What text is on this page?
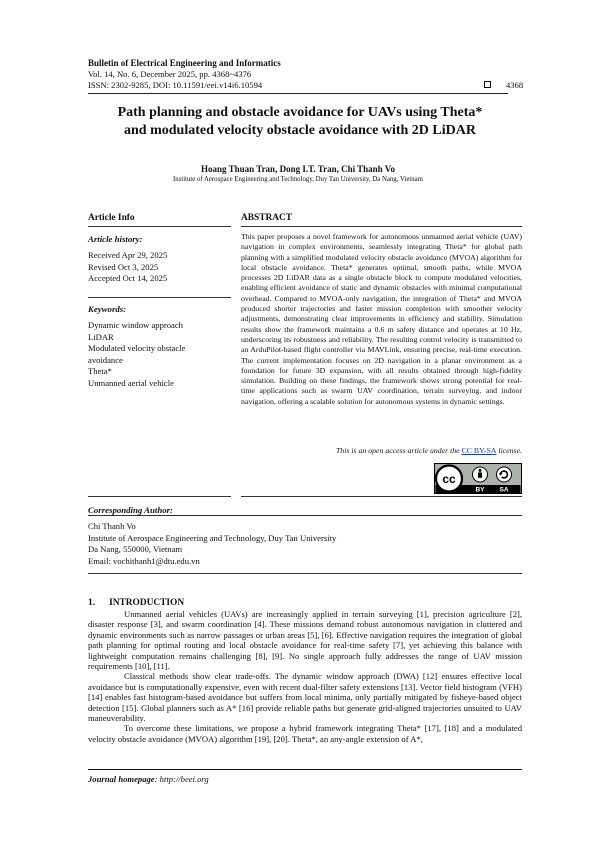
Bulletin of Electrical Engineering and Informatics
Vol. 14, No. 6, December 2025, pp. 4368~4376
ISSN: 2302-9285, DOI: 10.11591/eei.v14i6.10594	4368
Path planning and obstacle avoidance for UAVs using Theta*
and modulated velocity obstacle avoidance with 2D LiDAR
Hoang Thuan Tran, Dong I.T. Tran, Chi Thanh Vo
Institute of Aerospace Engineering and Technology, Duy Tan University, Da Nang, Vietnam
Article Info	ABSTRACT
Article history:
Received Apr 29, 2025
Revised Oct 3, 2025
Accepted Oct 14, 2025
Keywords:
Dynamic window approach
LiDAR
Modulated velocity obstacle
avoidance
Theta*
Unmanned aerial vehicle
This paper proposes a novel framework for autonomous unmanned aerial vehicle (UAV) navigation in complex environments, seamlessly integrating Theta* for global path planning with a simplified modulated velocity obstacle avoidance (MVOA) algorithm for local obstacle avoidance. Theta* generates optimal, smooth paths, while MVOA processes 2D LiDAR data as a single obstacle block to compute modulated velocities, enabling efficient avoidance of static and dynamic obstacles with minimal computational overhead. Compared to MVOA-only navigation, the integration of Theta* and MVOA produced shorter trajectories and faster mission completion with smoother velocity adjustments, demonstrating clear improvements in efficiency and stability. Simulation results show the framework maintains a 0.6 m safety distance and operates at 10 Hz, underscoring its robustness and reliability. The resulting control velocity is transmitted to an ArduPilot-based flight controller via MAVLink, ensuring precise, real-time execution. The current implementation focuses on 2D navigation in a planar environment as a foundation for future 3D expansion, with all results obtained through high-fidelity simulation. Building on these findings, the framework shows strong potential for real-time applications such as swarm UAV coordination, terrain surveying, and indoor navigation, offering a scalable solution for autonomous systems in dynamic settings.
This is an open access article under the CC BY-SA license.
cc
BY SA
Corresponding Author:
Chi Thanh Vo
Institute of Aerospace Engineering and Technology, Duy Tan University
Da Nang, 550000, Vietnam
Email: vochithanh1@dtu.edu.vn
1.      INTRODUCTION

Unmanned aerial vehicles (UAVs) are increasingly applied in terrain surveying [1], precision agriculture [2], disaster response [3], and swarm coordination [4]. These missions demand robust autonomous navigation in cluttered and dynamic environments such as narrow passages or urban areas [5], [6]. Effective navigation requires the integration of global path planning for optimal routing and local obstacle avoidance for real-time safety [7], yet achieving this balance with lightweight computation remains challenging [8], [9]. No single approach fully addresses the range of UAV mission requirements [10], [11].

Classical methods show clear trade-offs. The dynamic window approach (DWA) [12] ensures effective local avoidance but is computationally expensive, even with recent dual-filter safety extensions [13]. Vector field histogram (VFH) [14] enables fast histogram-based avoidance but suffers from local minima, only partially mitigated by fisheye-based object detection [15]. Global planners such as A* [16] provide reliable paths but generate grid-aligned trajectories unsuited to UAV maneuverability.

To overcome these limitations, we propose a hybrid framework integrating Theta* [17], [18] and a modulated velocity obstacle avoidance (MVOA) algorithm [19], [20]. Theta*, an any-angle extension of A*,

Journal homepage: http://beei.org
